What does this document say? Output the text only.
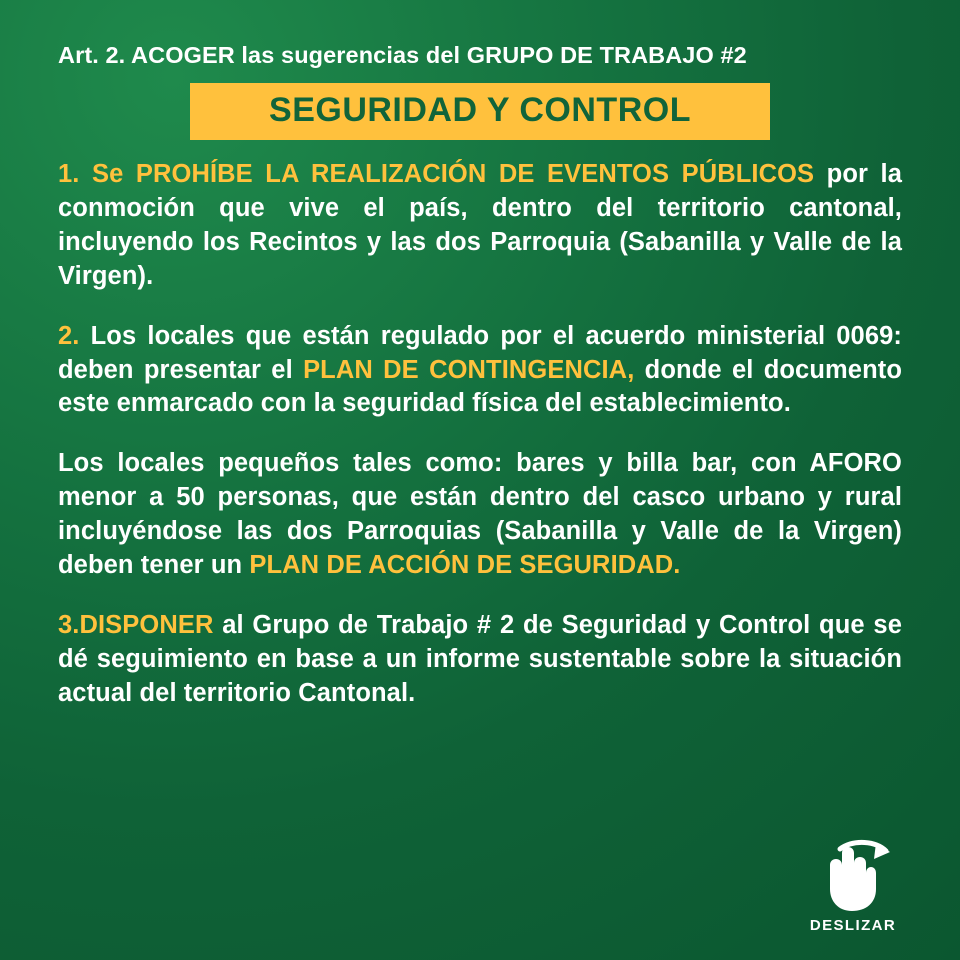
Art. 2. ACOGER las sugerencias del GRUPO DE TRABAJO #2
SEGURIDAD Y CONTROL

1. Se PROHÍBE LA REALIZACIÓN DE EVENTOS PÚBLICOS por la conmoción que vive el país, dentro del territorio cantonal, incluyendo los Recintos y las dos Parroquia (Sabanilla y Valle de la Virgen).

2. Los locales que están regulado por el acuerdo ministerial 0069: deben presentar el PLAN DE CONTINGENCIA, donde el documento este enmarcado con la seguridad física del establecimiento.

Los locales pequeños tales como: bares y billa bar, con AFORO menor a 50 personas, que están dentro del casco urbano y rural incluyéndose las dos Parroquias (Sabanilla y Valle de la Virgen) deben tener un PLAN DE ACCIÓN DE SEGURIDAD.

3.DISPONER al Grupo de Trabajo # 2 de Seguridad y Control que se dé seguimiento en base a un informe sustentable sobre la situación actual del territorio Cantonal.

DESLIZAR
